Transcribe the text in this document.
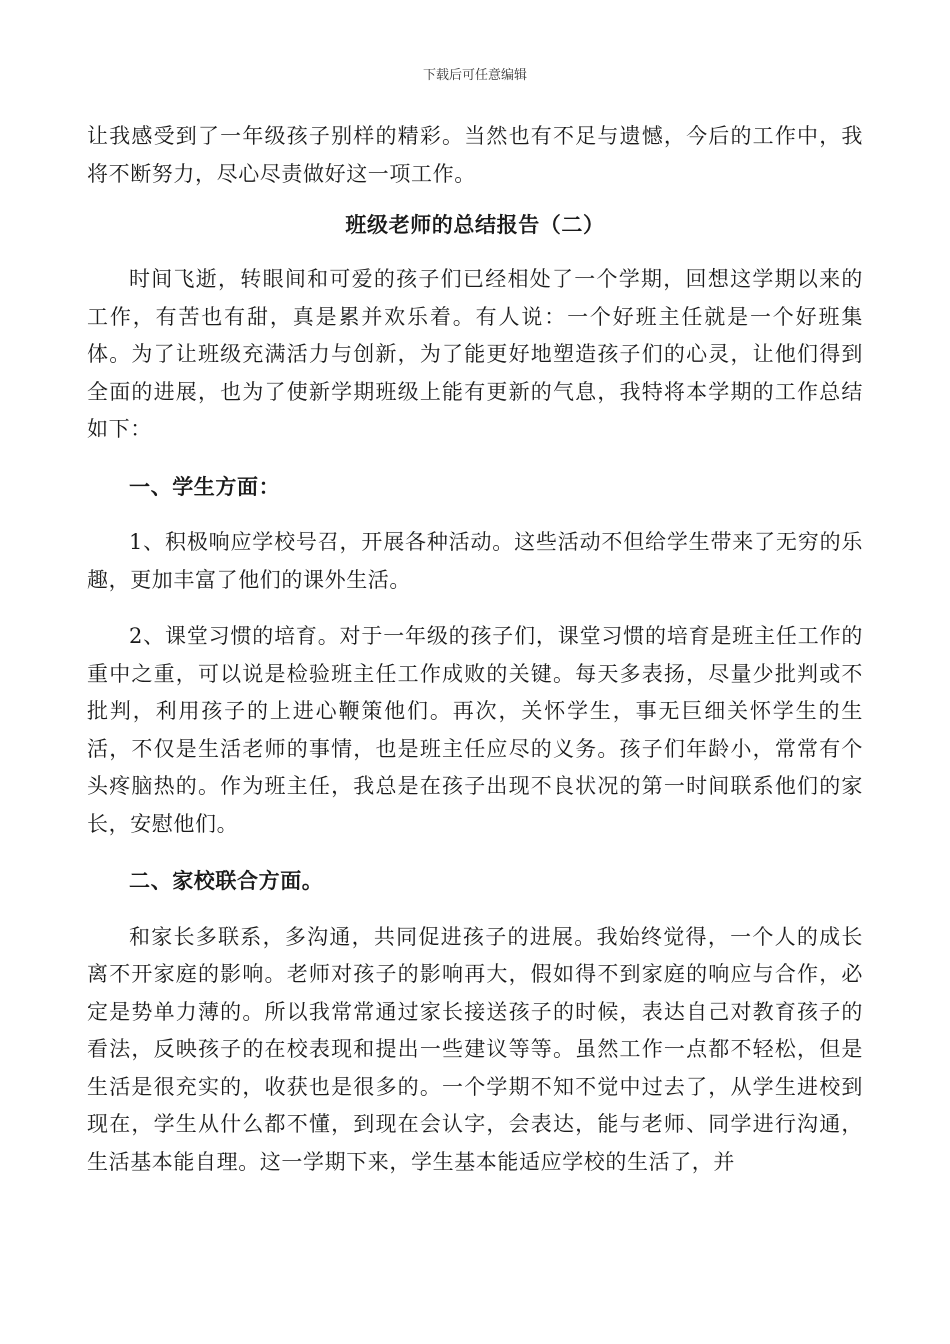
下载后可任意编辑

让我感受到了一年级孩子别样的精彩。当然也有不足与遗憾，今后的工作中，我将不断努力，尽心尽责做好这一项工作。

班级老师的总结报告（二）

时间飞逝，转眼间和可爱的孩子们已经相处了一个学期，回想这学期以来的工作，有苦也有甜，真是累并欢乐着。有人说：一个好班主任就是一个好班集体。为了让班级充满活力与创新，为了能更好地塑造孩子们的心灵，让他们得到全面的进展，也为了使新学期班级上能有更新的气息，我特将本学期的工作总结如下：

一、学生方面：

1、积极响应学校号召，开展各种活动。这些活动不但给学生带来了无穷的乐趣，更加丰富了他们的课外生活。

2、课堂习惯的培育。对于一年级的孩子们，课堂习惯的培育是班主任工作的重中之重，可以说是检验班主任工作成败的关键。每天多表扬，尽量少批判或不批判，利用孩子的上进心鞭策他们。再次，关怀学生，事无巨细关怀学生的生活，不仅是生活老师的事情，也是班主任应尽的义务。孩子们年龄小，常常有个头疼脑热的。作为班主任，我总是在孩子出现不良状况的第一时间联系他们的家长，安慰他们。

二、家校联合方面。

和家长多联系，多沟通，共同促进孩子的进展。我始终觉得，一个人的成长离不开家庭的影响。老师对孩子的影响再大，假如得不到家庭的响应与合作，必定是势单力薄的。所以我常常通过家长接送孩子的时候，表达自己对教育孩子的看法，反映孩子的在校表现和提出一些建议等等。虽然工作一点都不轻松，但是生活是很充实的，收获也是很多的。一个学期不知不觉中过去了，从学生进校到现在，学生从什么都不懂，到现在会认字，会表达，能与老师、同学进行沟通，生活基本能自理。这一学期下来，学生基本能适应学校的生活了，并
